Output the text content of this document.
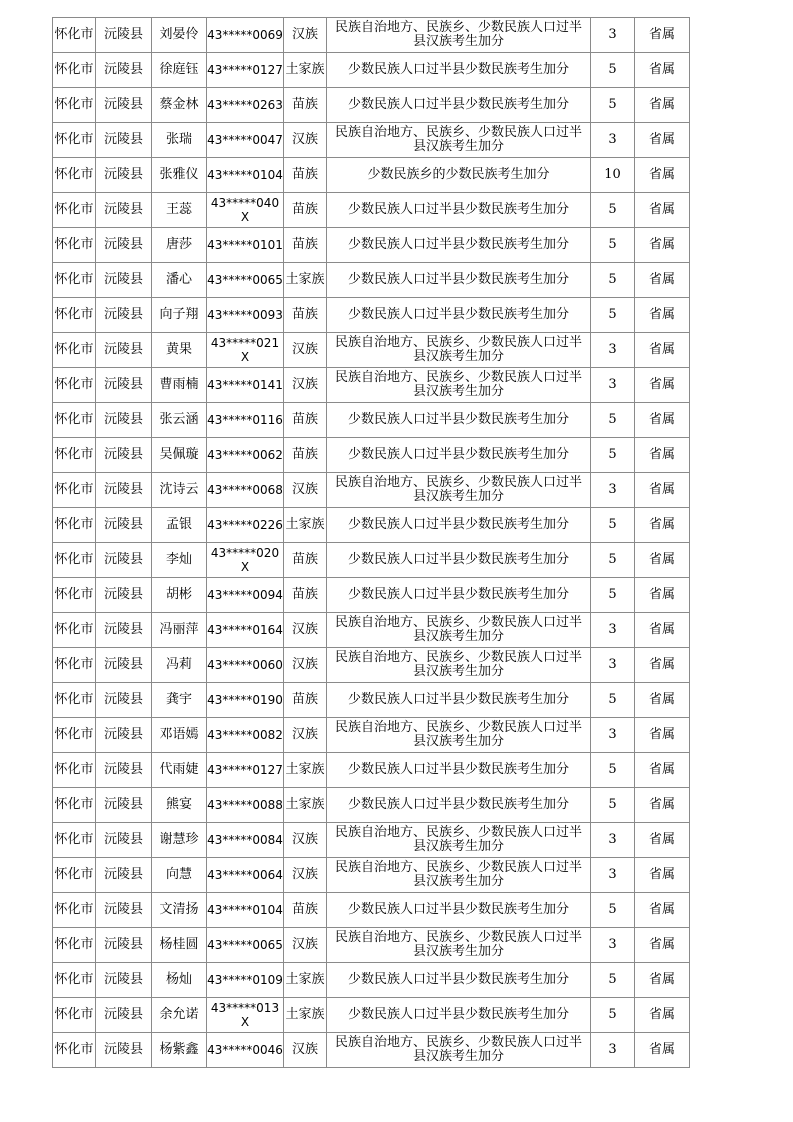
怀化市	沅陵县	刘晏伶	43*****0069	汉族	民族自治地方、民族乡、少数民族人口过半县汉族考生加分	3	省属
怀化市	沅陵县	徐庭钰	43*****0127	土家族	少数民族人口过半县少数民族考生加分	5	省属
怀化市	沅陵县	蔡金林	43*****0263	苗族	少数民族人口过半县少数民族考生加分	5	省属
怀化市	沅陵县	张瑞	43*****0047	汉族	民族自治地方、民族乡、少数民族人口过半县汉族考生加分	3	省属
怀化市	沅陵县	张雅仪	43*****0104	苗族	少数民族乡的少数民族考生加分	10	省属
怀化市	沅陵县	王蕊	43*****040X	苗族	少数民族人口过半县少数民族考生加分	5	省属
怀化市	沅陵县	唐莎	43*****0101	苗族	少数民族人口过半县少数民族考生加分	5	省属
怀化市	沅陵县	潘心	43*****0065	土家族	少数民族人口过半县少数民族考生加分	5	省属
怀化市	沅陵县	向子翔	43*****0093	苗族	少数民族人口过半县少数民族考生加分	5	省属
怀化市	沅陵县	黄果	43*****021X	汉族	民族自治地方、民族乡、少数民族人口过半县汉族考生加分	3	省属
怀化市	沅陵县	曹雨楠	43*****0141	汉族	民族自治地方、民族乡、少数民族人口过半县汉族考生加分	3	省属
怀化市	沅陵县	张云涵	43*****0116	苗族	少数民族人口过半县少数民族考生加分	5	省属
怀化市	沅陵县	吴佩璇	43*****0062	苗族	少数民族人口过半县少数民族考生加分	5	省属
怀化市	沅陵县	沈诗云	43*****0068	汉族	民族自治地方、民族乡、少数民族人口过半县汉族考生加分	3	省属
怀化市	沅陵县	孟银	43*****0226	土家族	少数民族人口过半县少数民族考生加分	5	省属
怀化市	沅陵县	李灿	43*****020X	苗族	少数民族人口过半县少数民族考生加分	5	省属
怀化市	沅陵县	胡彬	43*****0094	苗族	少数民族人口过半县少数民族考生加分	5	省属
怀化市	沅陵县	冯丽萍	43*****0164	汉族	民族自治地方、民族乡、少数民族人口过半县汉族考生加分	3	省属
怀化市	沅陵县	冯莉	43*****0060	汉族	民族自治地方、民族乡、少数民族人口过半县汉族考生加分	3	省属
怀化市	沅陵县	龚宇	43*****0190	苗族	少数民族人口过半县少数民族考生加分	5	省属
怀化市	沅陵县	邓语嫣	43*****0082	汉族	民族自治地方、民族乡、少数民族人口过半县汉族考生加分	3	省属
怀化市	沅陵县	代雨婕	43*****0127	土家族	少数民族人口过半县少数民族考生加分	5	省属
怀化市	沅陵县	熊宴	43*****0088	土家族	少数民族人口过半县少数民族考生加分	5	省属
怀化市	沅陵县	谢慧珍	43*****0084	汉族	民族自治地方、民族乡、少数民族人口过半县汉族考生加分	3	省属
怀化市	沅陵县	向慧	43*****0064	汉族	民族自治地方、民族乡、少数民族人口过半县汉族考生加分	3	省属
怀化市	沅陵县	文清扬	43*****0104	苗族	少数民族人口过半县少数民族考生加分	5	省属
怀化市	沅陵县	杨桂圆	43*****0065	汉族	民族自治地方、民族乡、少数民族人口过半县汉族考生加分	3	省属
怀化市	沅陵县	杨灿	43*****0109	土家族	少数民族人口过半县少数民族考生加分	5	省属
怀化市	沅陵县	余允诺	43*****013X	土家族	少数民族人口过半县少数民族考生加分	5	省属
怀化市	沅陵县	杨紫鑫	43*****0046	汉族	民族自治地方、民族乡、少数民族人口过半县汉族考生加分	3	省属
